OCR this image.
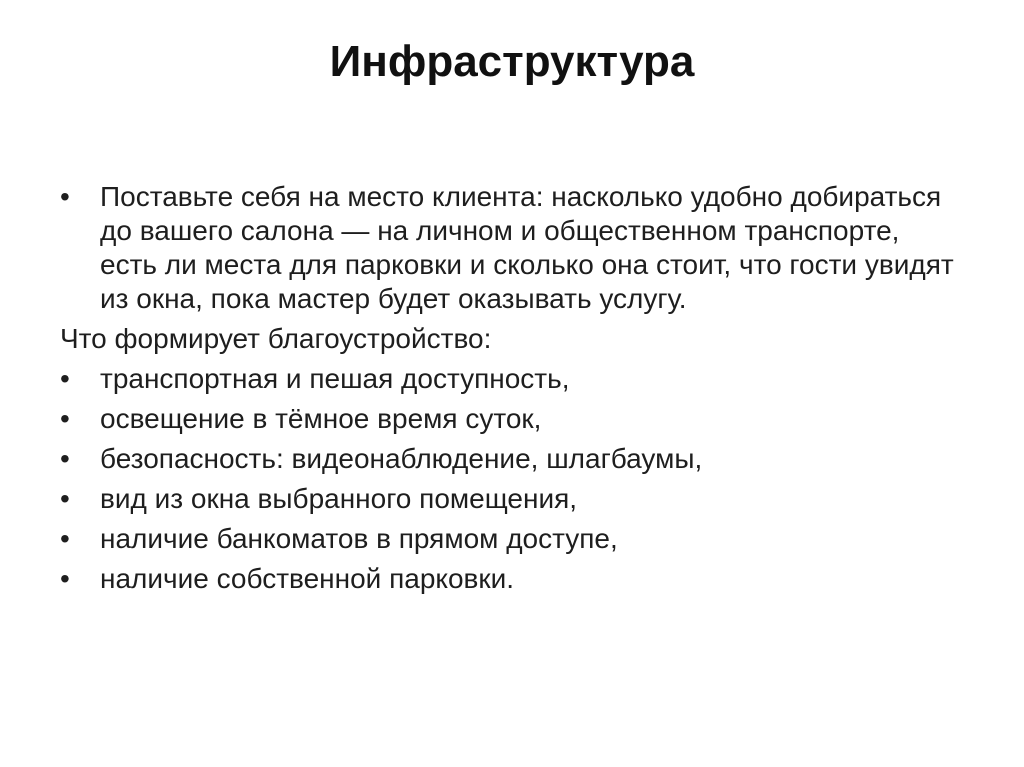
Инфраструктура
•	Поставьте себя на место клиента: насколько удобно добираться до вашего салона — на личном и общественном транспорте, есть ли места для парковки и сколько она стоит, что гости увидят из окна, пока мастер будет оказывать услугу.
Что формирует благоустройство:
•	транспортная и пешая доступность,
•	освещение в тёмное время суток,
•	безопасность: видеонаблюдение, шлагбаумы,
•	вид из окна выбранного помещения,
•	наличие банкоматов в прямом доступе,
•	наличие собственной парковки.
